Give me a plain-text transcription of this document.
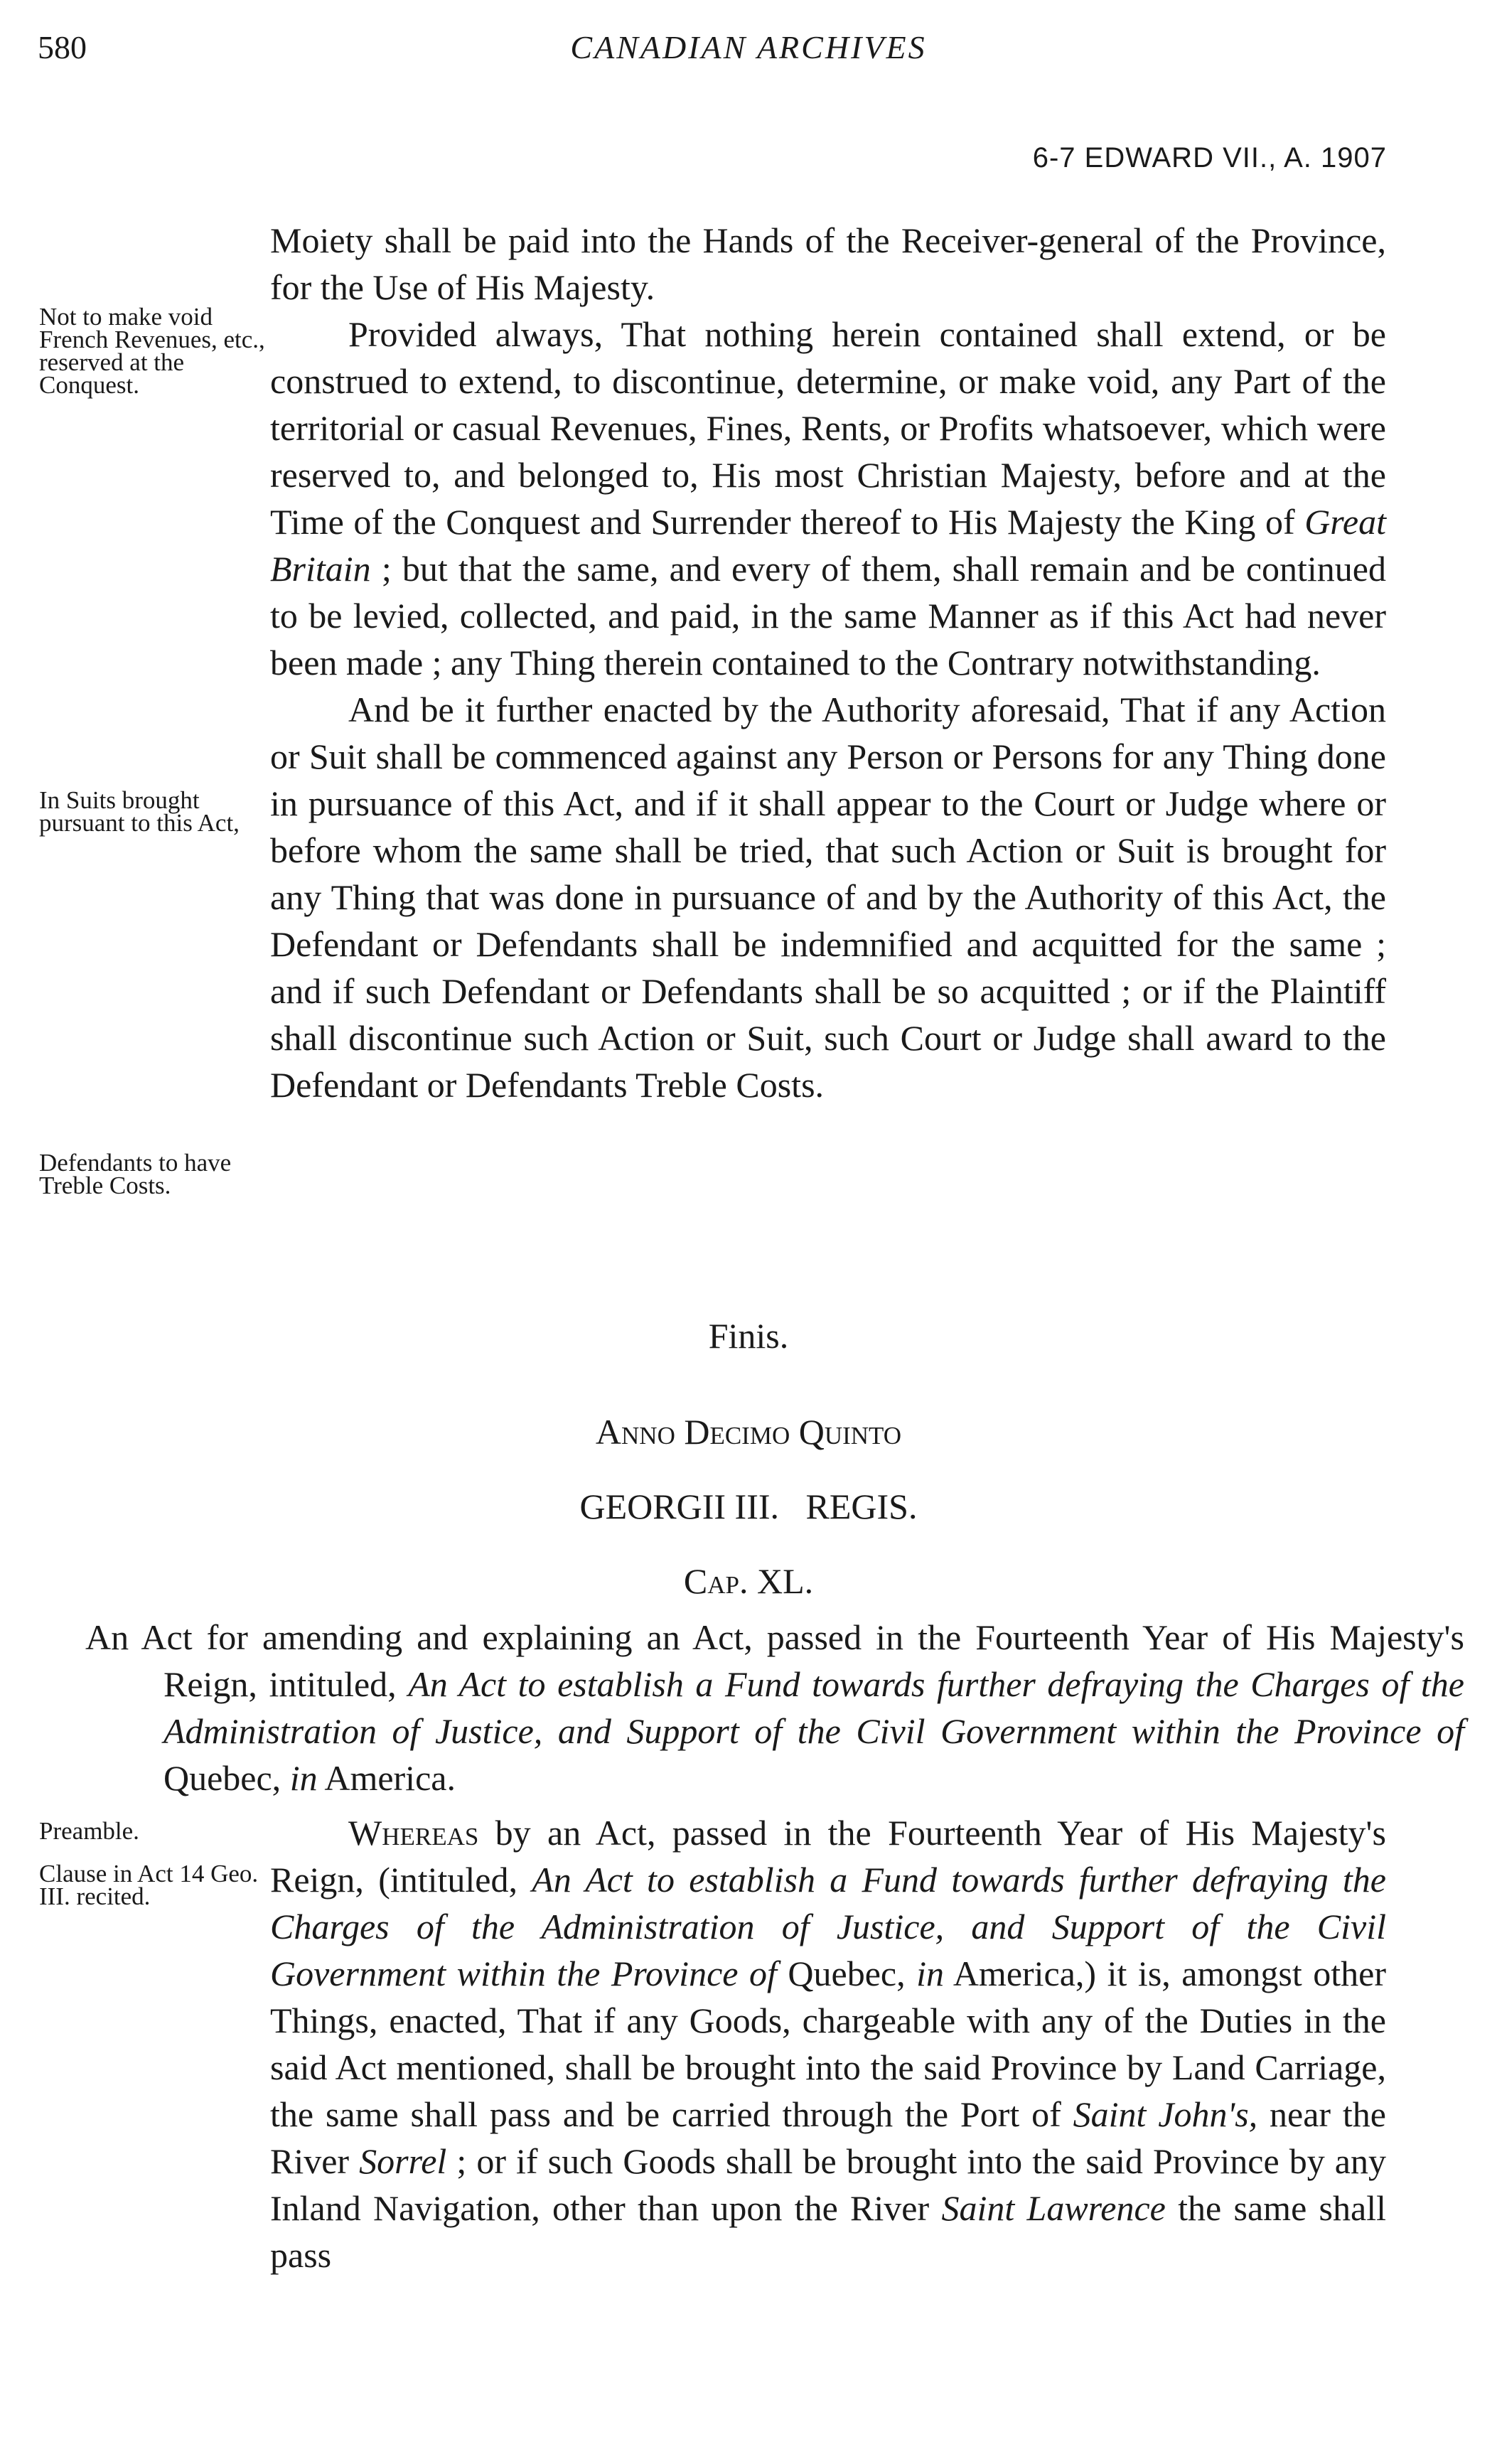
580	CANADIAN ARCHIVES
6-7 EDWARD VII., A. 1907
Not to make void French Revenues, etc., reserved at the Conquest.
In Suits brought pursuant to this Act,
Defendants to have Treble Costs.
Preamble.
Clause in Act 14 Geo. III. recited.

Moiety shall be paid into the Hands of the Receiver-general of the Province, for the Use of His Majesty.

Provided always, That nothing herein contained shall extend, or be construed to extend, to discontinue, determine, or make void, any Part of the territorial or casual Revenues, Fines, Rents, or Profits whatsoever, which were reserved to, and belonged to, His most Christian Majesty, before and at the Time of the Conquest and Surrender thereof to His Majesty the King of Great Britain ; but that the same, and every of them, shall remain and be continued to be levied, collected, and paid, in the same Manner as if this Act had never been made ; any Thing therein contained to the Contrary notwithstanding.

And be it further enacted by the Authority aforesaid, That if any Action or Suit shall be commenced against any Person or Persons for any Thing done in pursuance of this Act, and if it shall appear to the Court or Judge where or before whom the same shall be tried, that such Action or Suit is brought for any Thing that was done in pursuance of and by the Authority of this Act, the Defendant or Defendants shall be indemnified and acquitted for the same ; and if such Defendant or Defendants shall be so acquitted ; or if the Plaintiff shall discontinue such Action or Suit, such Court or Judge shall award to the Defendant or Defendants Treble Costs.

Finis.
Anno Decimo Quinto
GEORGII III.   REGIS.
Cap. XL.
An Act for amending and explaining an Act, passed in the Fourteenth Year of His Majesty's Reign, intituled, An Act to establish a Fund towards further defraying the Charges of the Administration of Justice, and Support of the Civil Government within the Province of Quebec, in America.

Whereas by an Act, passed in the Fourteenth Year of His Majesty's Reign, (intituled, An Act to establish a Fund towards further defraying the Charges of the Administration of Justice, and Support of the Civil Government within the Province of Quebec, in America,) it is, amongst other Things, enacted, That if any Goods, chargeable with any of the Duties in the said Act mentioned, shall be brought into the said Province by Land Carriage, the same shall pass and be carried through the Port of Saint John's, near the River Sorrel ; or if such Goods shall be brought into the said Province by any Inland Navigation, other than upon the River Saint Lawrence the same shall pass
